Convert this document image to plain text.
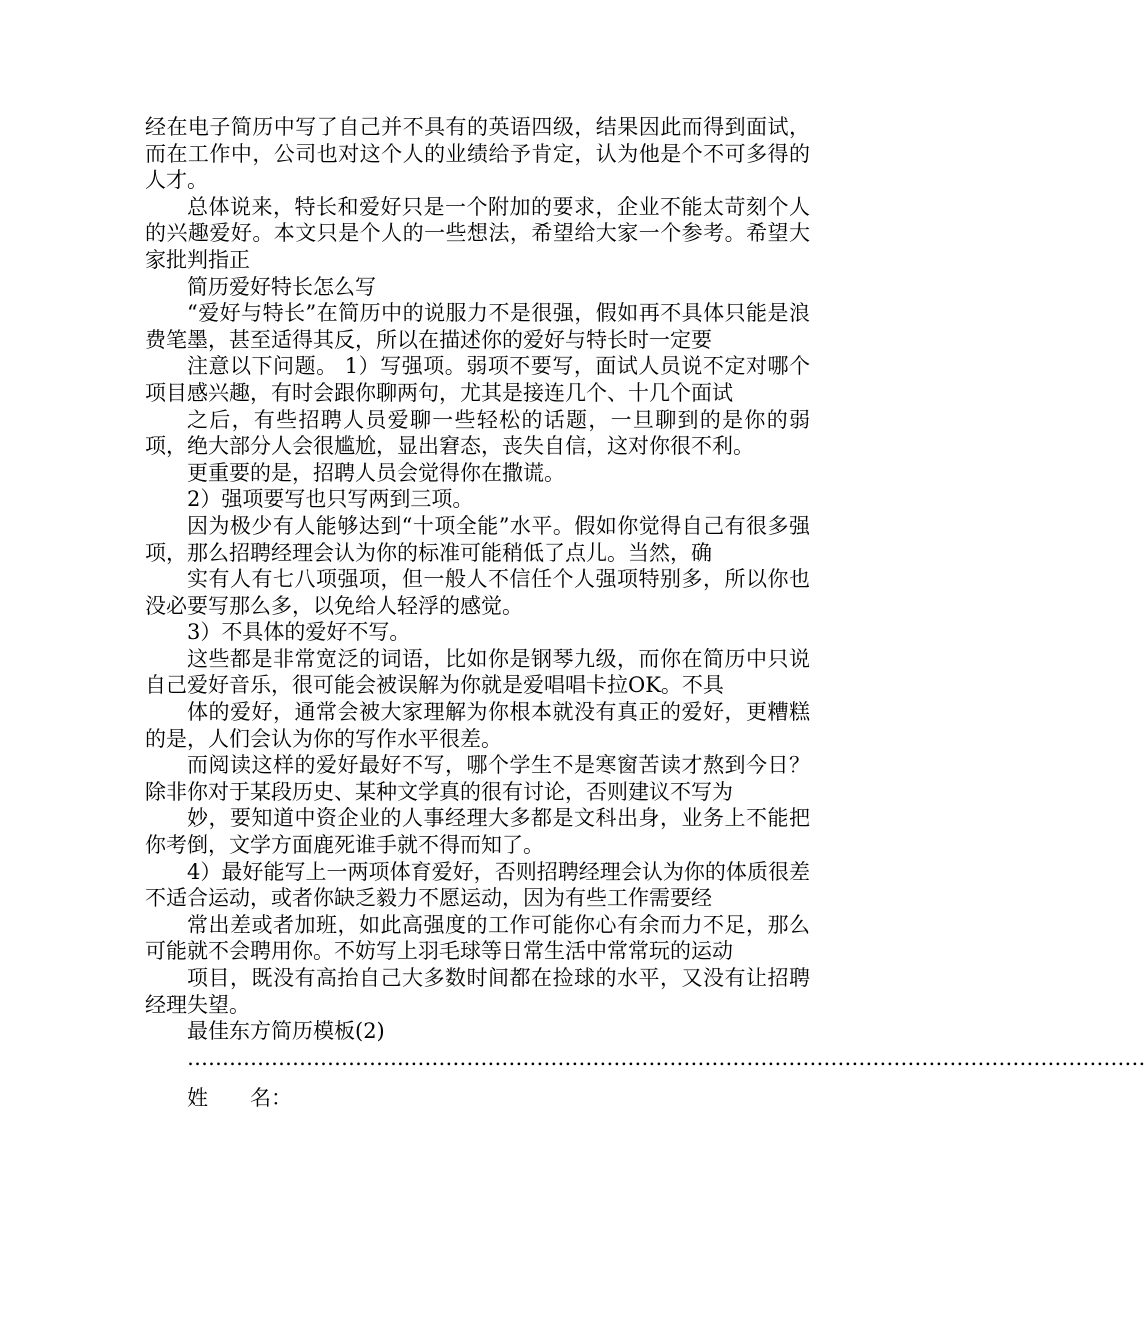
经在电子简历中写了自己并不具有的英语四级，结果因此而得到面试，而在工作中，公司也对这个人的业绩给予肯定，认为他是个不可多得的人才。

总体说来，特长和爱好只是一个附加的要求，企业不能太苛刻个人的兴趣爱好。本文只是个人的一些想法，希望给大家一个参考。希望大家批判指正

简历爱好特长怎么写

“爱好与特长”在简历中的说服力不是很强，假如再不具体只能是浪费笔墨，甚至适得其反，所以在描述你的爱好与特长时一定要

注意以下问题。 1）写强项。弱项不要写，面试人员说不定对哪个项目感兴趣，有时会跟你聊两句，尤其是接连几个、十几个面试

之后，有些招聘人员爱聊一些轻松的话题，一旦聊到的是你的弱项，绝大部分人会很尴尬，显出窘态，丧失自信，这对你很不利。

更重要的是，招聘人员会觉得你在撒谎。

2）强项要写也只写两到三项。

因为极少有人能够达到“十项全能”水平。假如你觉得自己有很多强项，那么招聘经理会认为你的标准可能稍低了点儿。当然，确

实有人有七八项强项，但一般人不信任个人强项特别多，所以你也没必要写那么多，以免给人轻浮的感觉。

3）不具体的爱好不写。

这些都是非常宽泛的词语，比如你是钢琴九级，而你在简历中只说自己爱好音乐，很可能会被误解为你就是爱唱唱卡拉OK。不具

体的爱好，通常会被大家理解为你根本就没有真正的爱好，更糟糕的是，人们会认为你的写作水平很差。

而阅读这样的爱好最好不写，哪个学生不是寒窗苦读才熬到今日？除非你对于某段历史、某种文学真的很有讨论，否则建议不写为

妙，要知道中资企业的人事经理大多都是文科出身，业务上不能把你考倒，文学方面鹿死谁手就不得而知了。

4）最好能写上一两项体育爱好，否则招聘经理会认为你的体质很差不适合运动，或者你缺乏毅力不愿运动，因为有些工作需要经

常出差或者加班，如此高强度的工作可能你心有余而力不足，那么可能就不会聘用你。不妨写上羽毛球等日常生活中常常玩的运动

项目，既没有高抬自己大多数时间都在捡球的水平，又没有让招聘经理失望。

最佳东方简历模板(2)

…………………………..……………………………………………………………………………………………

姓　　名：
